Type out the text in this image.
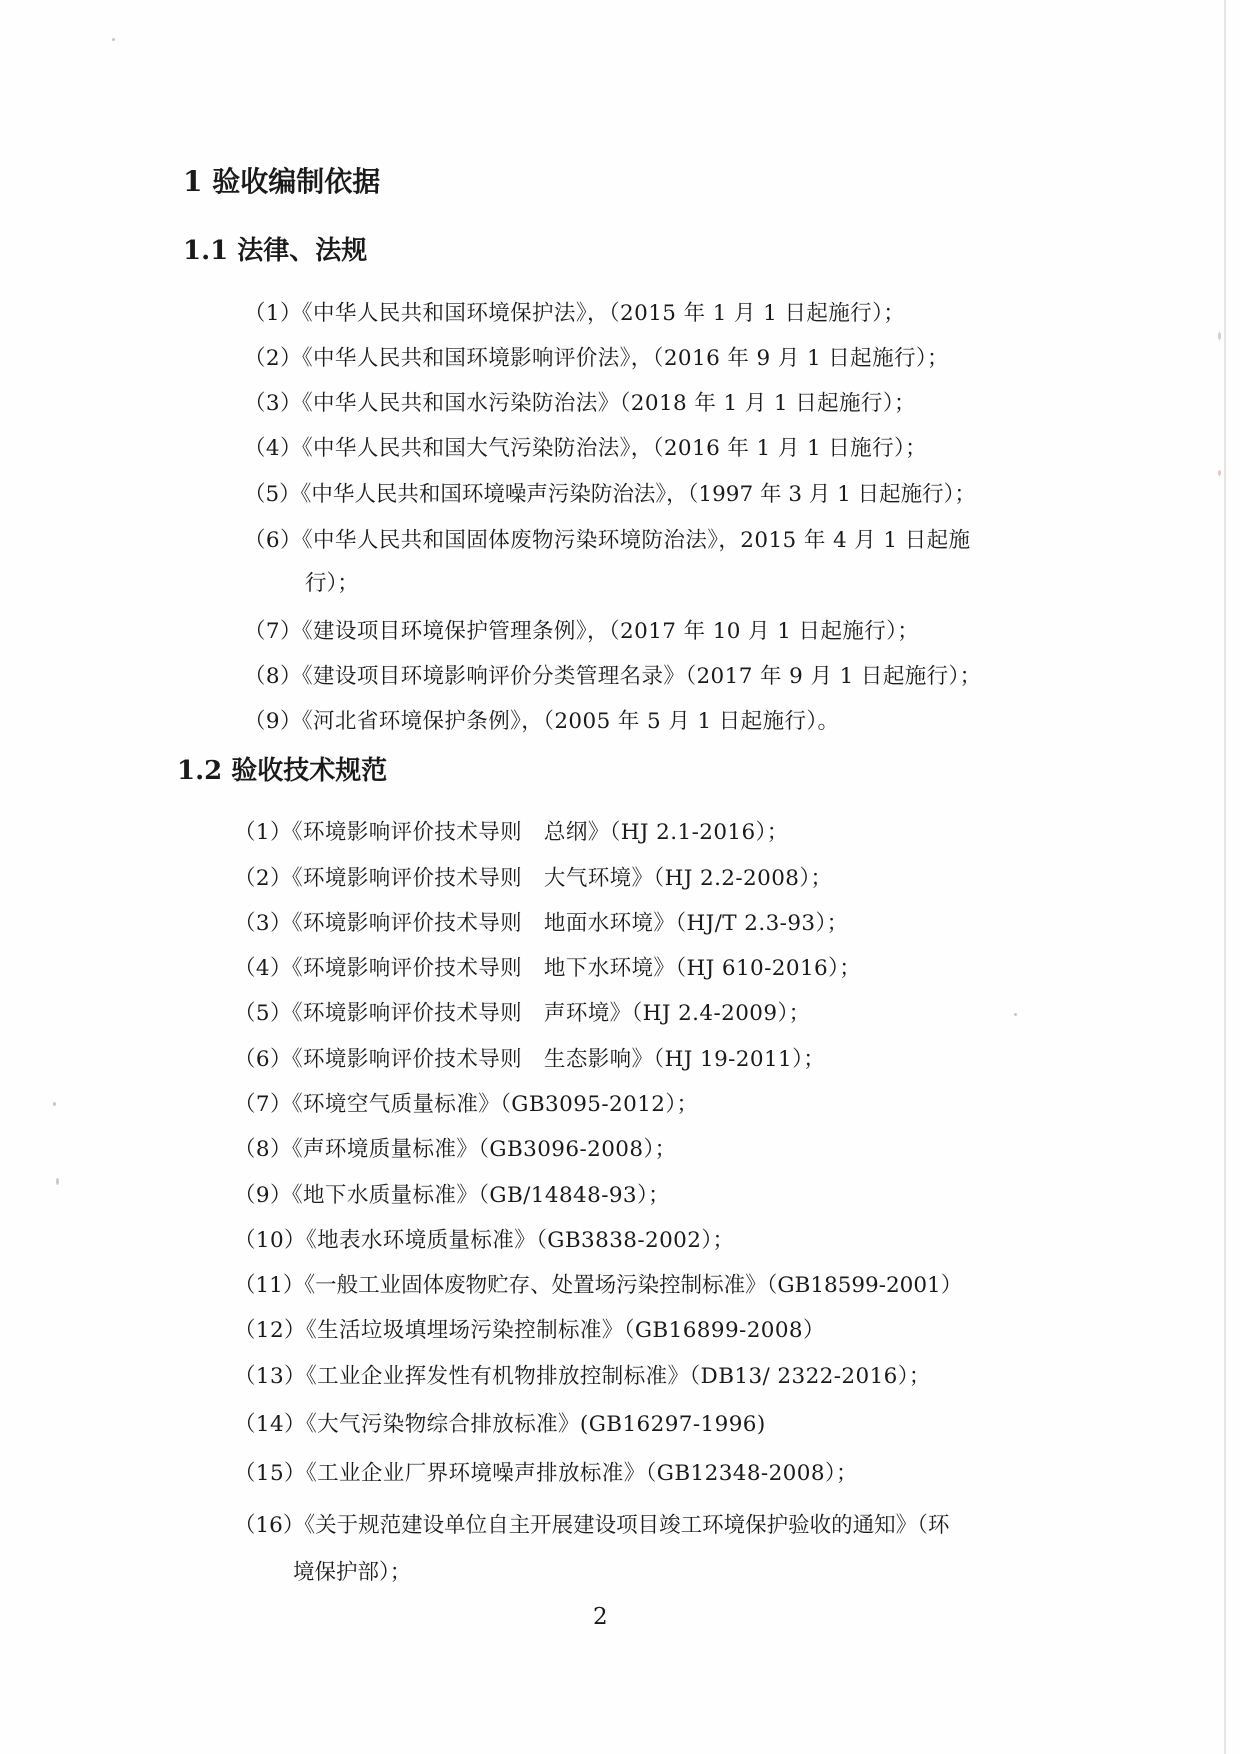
1 验收编制依据
1.1 法律、法规

（1）《中华人民共和国环境保护法》，（2015 年 1 月 1 日起施行）；

（2）《中华人民共和国环境影响评价法》，（2016 年 9 月 1 日起施行）；

（3）《中华人民共和国水污染防治法》（2018 年 1 月 1 日起施行）；

（4）《中华人民共和国大气污染防治法》，（2016 年 1 月 1 日施行）；

（5）《中华人民共和国环境噪声污染防治法》，（1997 年 3 月 1 日起施行）；

（6）《中华人民共和国固体废物污染环境防治法》，2015 年 4 月 1 日起施

行）；

（7）《建设项目环境保护管理条例》，（2017 年 10 月 1 日起施行）；

（8）《建设项目环境影响评价分类管理名录》（2017 年 9 月 1 日起施行）；

（9）《河北省环境保护条例》，（2005 年 5 月 1 日起施行）。

1.2 验收技术规范

（1）《环境影响评价技术导则　总纲》（HJ 2.1-2016）；

（2）《环境影响评价技术导则　大气环境》（HJ 2.2-2008）；

（3）《环境影响评价技术导则　地面水环境》（HJ/T 2.3-93）；

（4）《环境影响评价技术导则　地下水环境》（HJ 610-2016）；

（5）《环境影响评价技术导则　声环境》（HJ 2.4-2009）；

（6）《环境影响评价技术导则　生态影响》（HJ 19-2011）；

（7）《环境空气质量标准》（GB3095-2012）；

（8）《声环境质量标准》（GB3096-2008）；

（9）《地下水质量标准》（GB/14848-93）；

（10）《地表水环境质量标准》（GB3838-2002）；

（11）《一般工业固体废物贮存、处置场污染控制标准》（GB18599-2001）

（12）《生活垃圾填埋场污染控制标准》（GB16899-2008）

（13）《工业企业挥发性有机物排放控制标准》（DB13/ 2322-2016）；

（14）《大气污染物综合排放标准》(GB16297-1996)

（15）《工业企业厂界环境噪声排放标准》（GB12348-2008）；

（16）《关于规范建设单位自主开展建设项目竣工环境保护验收的通知》（环

境保护部）；

2
